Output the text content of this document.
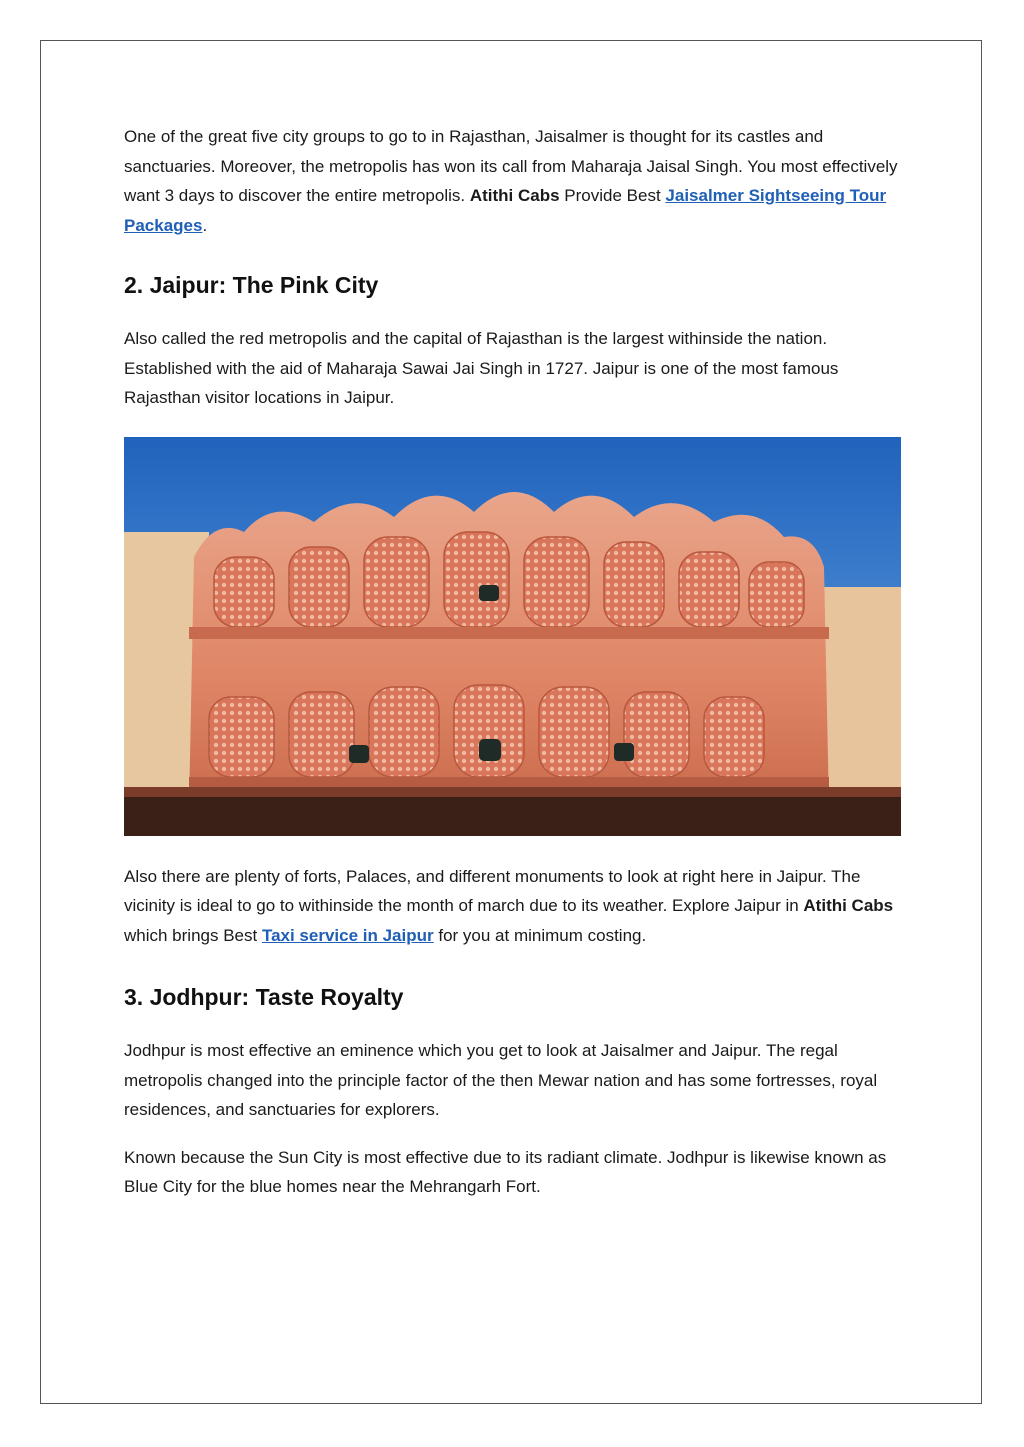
One of the great five city groups to go to in Rajasthan, Jaisalmer is thought for its castles and sanctuaries. Moreover, the metropolis has won its call from Maharaja Jaisal Singh. You most effectively want 3 days to discover the entire metropolis. Atithi Cabs Provide Best Jaisalmer Sightseeing Tour Packages.

2. Jaipur: The Pink City

Also called the red metropolis and the capital of Rajasthan is the largest withinside the nation. Established with the aid of Maharaja Sawai Jai Singh in 1727. Jaipur is one of the most famous Rajasthan visitor locations in Jaipur.

Also there are plenty of forts, Palaces, and different monuments to look at right here in Jaipur. The vicinity is ideal to go to withinside the month of march due to its weather. Explore Jaipur in Atithi Cabs which brings Best Taxi service in Jaipur for you at minimum costing.

3. Jodhpur: Taste Royalty

Jodhpur is most effective an eminence which you get to look at Jaisalmer and Jaipur. The regal metropolis changed into the principle factor of the then Mewar nation and has some fortresses, royal residences, and sanctuaries for explorers.

Known because the Sun City is most effective due to its radiant climate. Jodhpur is likewise known as Blue City for the blue homes near the Mehrangarh Fort.
